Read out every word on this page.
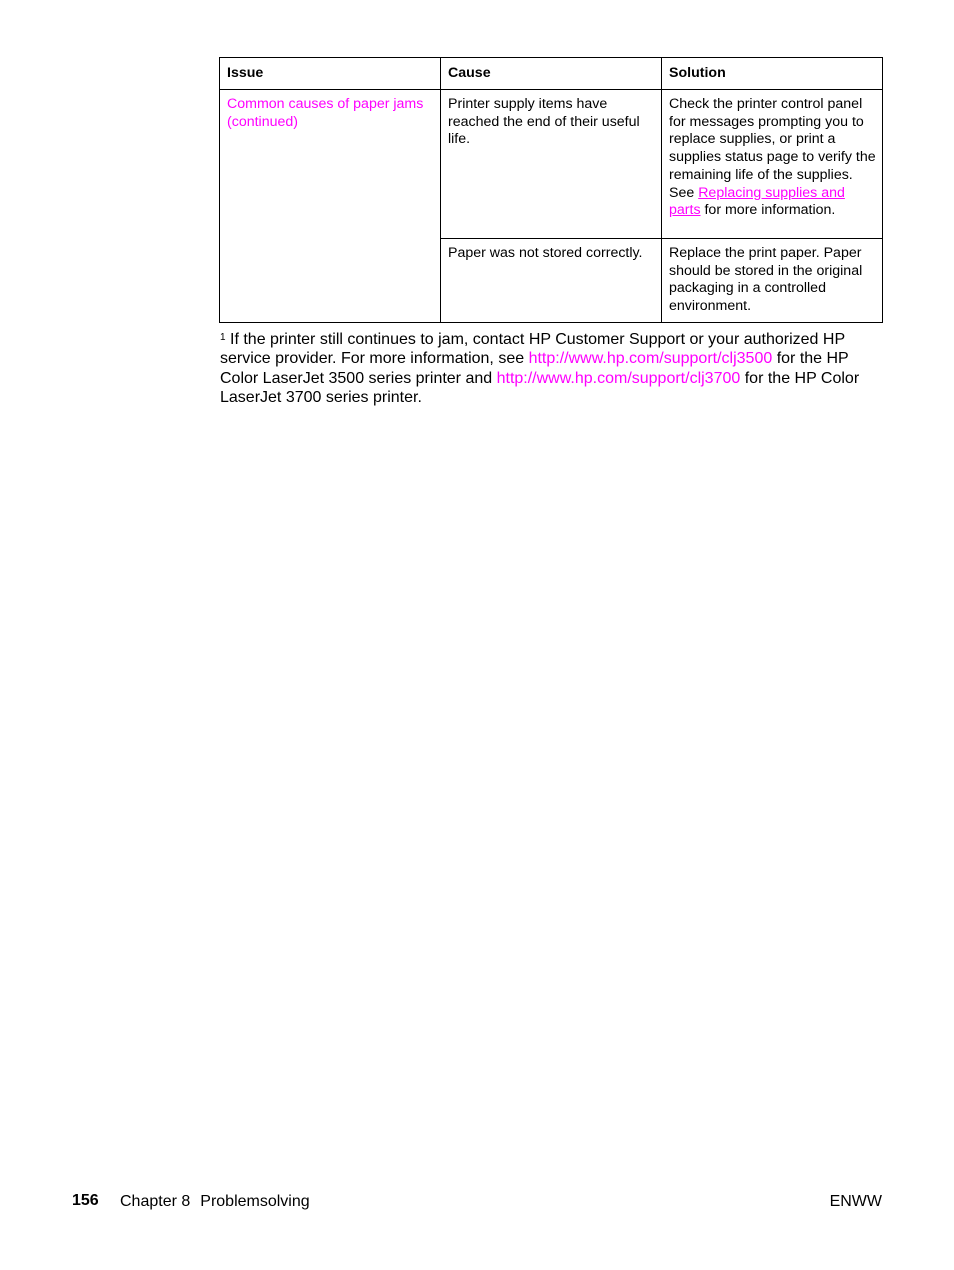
Issue	Cause	Solution
Common causes of paper jams (continued)	Printer supply items have reached the end of their useful life.	Check the printer control panel for messages prompting you to replace supplies, or print a supplies status page to verify the remaining life of the supplies. See Replacing supplies and parts for more information.
	Paper was not stored correctly.	Replace the print paper. Paper should be stored in the original packaging in a controlled environment.
$^1$ If the printer still continues to jam, contact HP Customer Support or your authorized HP service provider. For more information, see http://www.hp.com/support/clj3500 for the HP Color LaserJet 3500 series printer and http://www.hp.com/support/clj3700 for the HP Color LaserJet 3700 series printer.
156 Chapter 8 Problemsolving	ENWW
